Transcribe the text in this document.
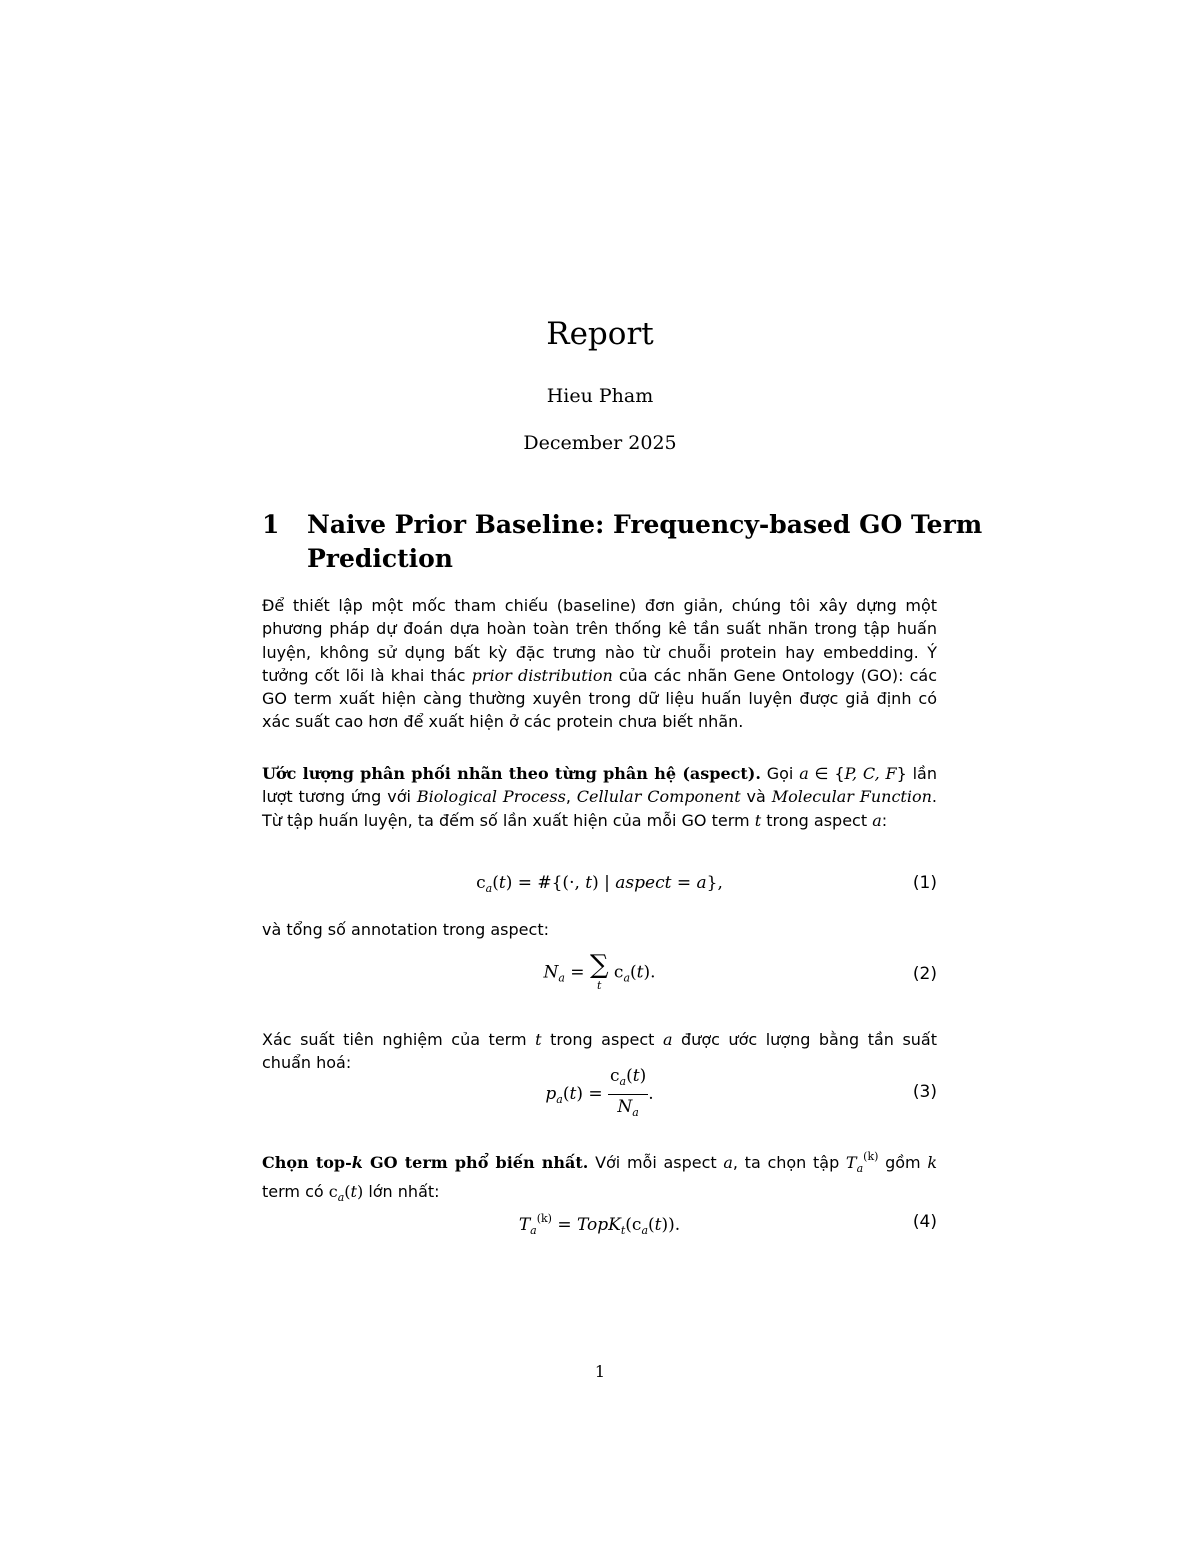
Report
Hieu Pham
December 2025
1 Naive Prior Baseline: Frequency-based GO Term Prediction
Để thiết lập một mốc tham chiếu (baseline) đơn giản, chúng tôi xây dựng một phương pháp dự đoán dựa hoàn toàn trên thống kê tần suất nhãn trong tập huấn luyện, không sử dụng bất kỳ đặc trưng nào từ chuỗi protein hay embedding. Ý tưởng cốt lõi là khai thác prior distribution của các nhãn Gene Ontology (GO): các GO term xuất hiện càng thường xuyên trong dữ liệu huấn luyện được giả định có xác suất cao hơn để xuất hiện ở các protein chưa biết nhãn.
Ước lượng phân phối nhãn theo từng phân hệ (aspect). Gọi a ∈ {P, C, F} lần lượt tương ứng với Biological Process, Cellular Component và Molecular Function. Từ tập huấn luyện, ta đếm số lần xuất hiện của mỗi GO term t trong aspect a:
$c_a(t)$ = #{(·, t) | aspect = a},	(1)
và tổng số annotation trong aspect:
$N_a$ = ∑
t
$c_a(t)$.	(2)
Xác suất tiên nghiệm của term t trong aspect a được ước lượng bằng tần suất chuẩn hoá:
$p_a(t) = \frac{c_a(t)}{N_a}$ .	(3)
Chọn top-k GO term phổ biến nhất. Với mỗi aspect a, ta chọn tập $T_a^{(k)}$ gồm k term có $c_a(t)$ lớn nhất:
$T_a^{(k)}$ = $TopK_t(c_a(t))$.	(4)
1
